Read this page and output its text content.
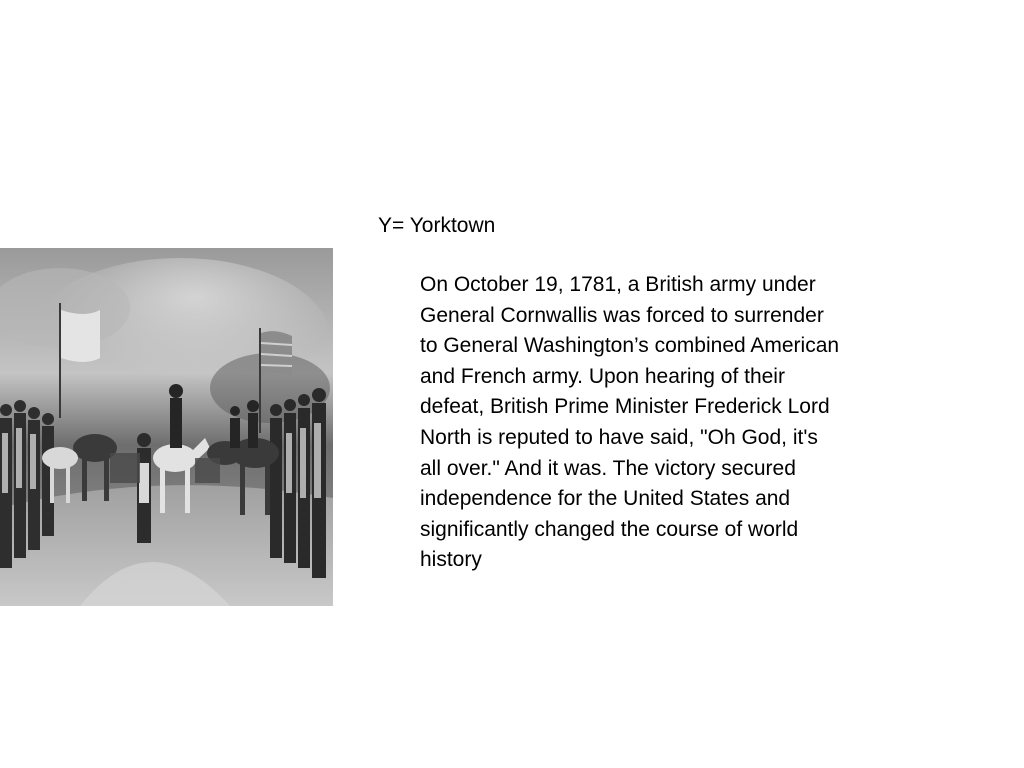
Y= Yorktown
On October 19, 1781, a British army under
General Cornwallis was forced to surrender
to General Washington’s combined American
and French army. Upon hearing of their
defeat, British Prime Minister Frederick Lord
North is reputed to have said, "Oh God, it's
all over." And it was. The victory secured
independence for the United States and
significantly changed the course of world
history
